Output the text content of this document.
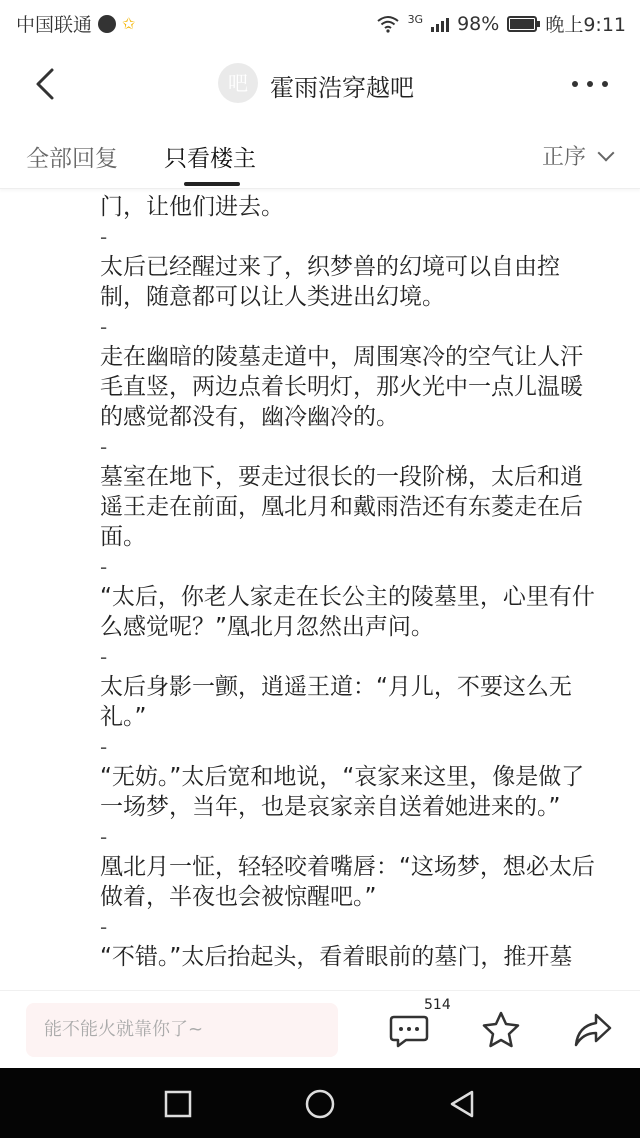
中国联通 ✩	3G 98% 晚上9:11
吧 霍雨浩穿越吧
全部回复 只看楼主	正序
门，让他们进去。
-
太后已经醒过来了，织梦兽的幻境可以自由控
制，随意都可以让人类进出幻境。
-
走在幽暗的陵墓走道中，周围寒冷的空气让人汗
毛直竖，两边点着长明灯，那火光中一点儿温暖
的感觉都没有，幽冷幽冷的。
-
墓室在地下，要走过很长的一段阶梯，太后和逍
遥王走在前面，凰北月和戴雨浩还有东菱走在后
面。
-
“太后，你老人家走在长公主的陵墓里，心里有什
么感觉呢？”凰北月忽然出声问。
-
太后身影一颤，逍遥王道：“月儿，不要这么无
礼。”
-
“无妨。”太后宽和地说，“哀家来这里，像是做了
一场梦，当年，也是哀家亲自送着她进来的。”
-
凰北月一怔，轻轻咬着嘴唇：“这场梦，想必太后
做着，半夜也会被惊醒吧。”
-
“不错。”太后抬起头，看着眼前的墓门，推开墓
能不能火就靠你了~
514
